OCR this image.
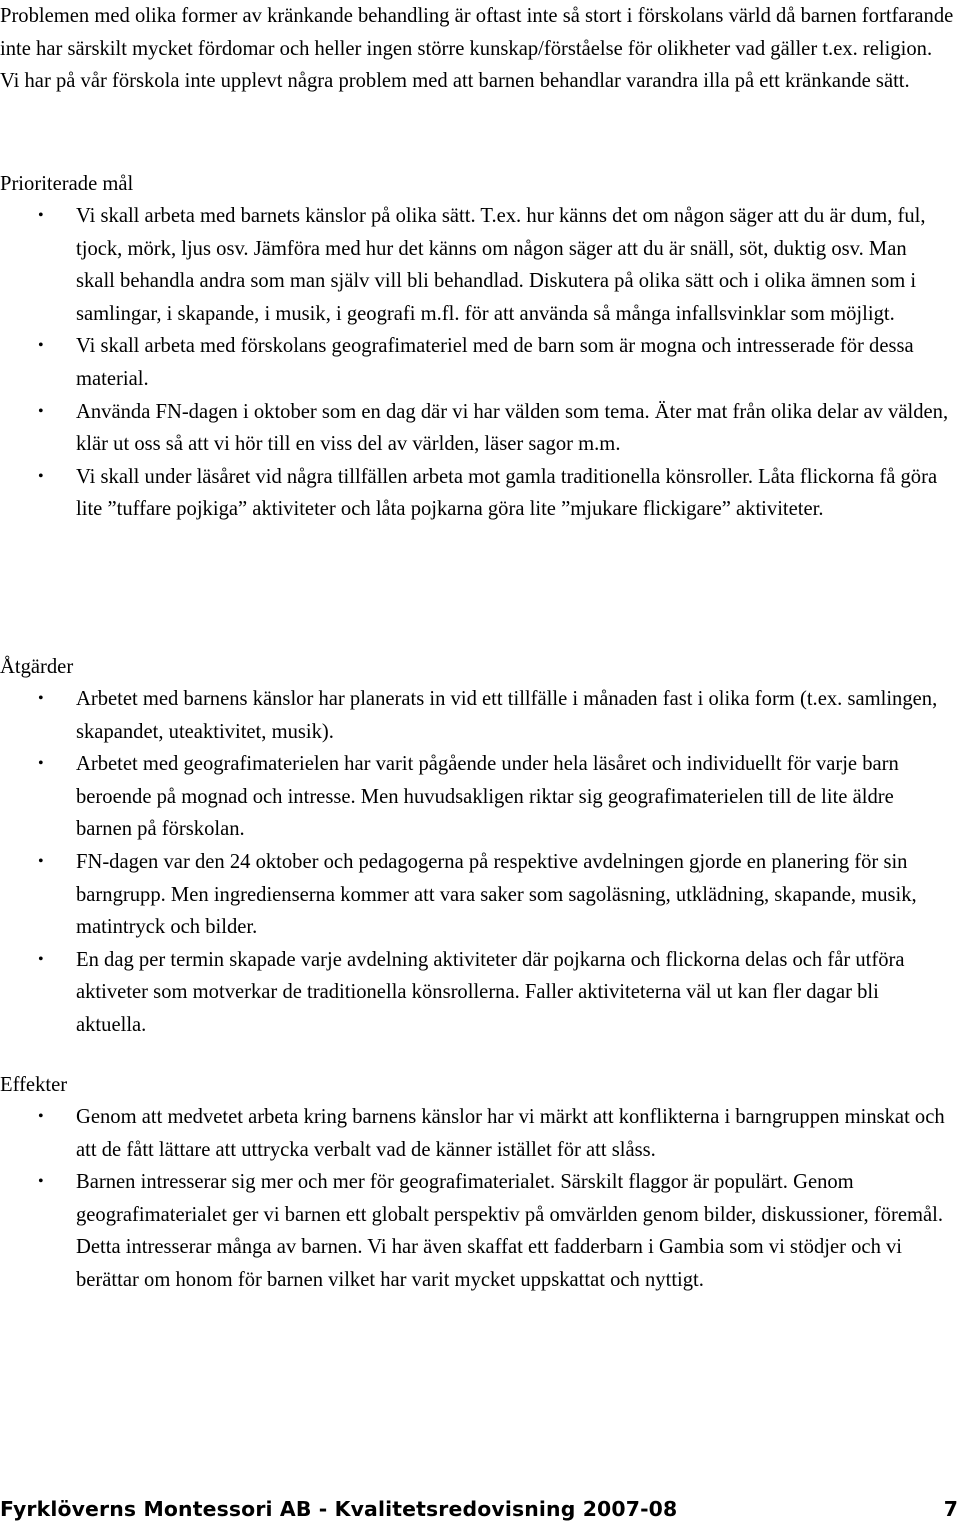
Problemen med olika former av kränkande behandling är oftast inte så stort i förskolans värld då barnen fortfarande inte har särskilt mycket fördomar och heller ingen större kunskap/förståelse för olikheter vad gäller t.ex. religion. Vi har på vår förskola inte upplevt några problem med att barnen behandlar varandra illa på ett kränkande sätt.

Prioriterade mål

• Vi skall arbeta med barnets känslor på olika sätt. T.ex. hur känns det om någon säger att du är dum, ful, tjock, mörk, ljus osv. Jämföra med hur det känns om någon säger att du är snäll, söt, duktig osv. Man skall behandla andra som man själv vill bli behandlad. Diskutera på olika sätt och i olika ämnen som i samlingar, i skapande, i musik, i geografi m.fl. för att använda så många infallsvinklar som möjligt.
• Vi skall arbeta med förskolans geografimateriel med de barn som är mogna och intresserade för dessa material.
• Använda FN-dagen i oktober som en dag där vi har välden som tema. Äter mat från olika delar av välden, klär ut oss så att vi hör till en viss del av världen, läser sagor m.m.
• Vi skall under läsåret vid några tillfällen arbeta mot gamla traditionella könsroller. Låta flickorna få göra lite ”tuffare pojkiga” aktiviteter och låta pojkarna göra lite ”mjukare flickigare” aktiviteter.

Åtgärder

• Arbetet med barnens känslor har planerats in vid ett tillfälle i månaden fast i olika form (t.ex. samlingen, skapandet, uteaktivitet, musik).
• Arbetet med geografimaterielen har varit pågående under hela läsåret och individuellt för varje barn beroende på mognad och intresse. Men huvudsakligen riktar sig geografimaterielen till de lite äldre barnen på förskolan.
• FN-dagen var den 24 oktober och pedagogerna på respektive avdelningen gjorde en planering för sin barngrupp. Men ingredienserna kommer att vara saker som sagoläsning, utklädning, skapande, musik, matintryck och bilder.
• En dag per termin skapade varje avdelning aktiviteter där pojkarna och flickorna delas och får utföra aktiveter som motverkar de traditionella könsrollerna. Faller aktiviteterna väl ut kan fler dagar bli aktuella.

Effekter

• Genom att medvetet arbeta kring barnens känslor har vi märkt att konflikterna i barngruppen minskat och att de fått lättare att uttrycka verbalt vad de känner istället för att slåss.
• Barnen intresserar sig mer och mer för geografimaterialet. Särskilt flaggor är populärt. Genom geografimaterialet ger vi barnen ett globalt perspektiv på omvärlden genom bilder, diskussioner, föremål. Detta intresserar många av barnen. Vi har även skaffat ett fadderbarn i Gambia som vi stödjer och vi berättar om honom för barnen vilket har varit mycket uppskattat och nyttigt.
Fyrklöverns Montessori AB - Kvalitetsredovisning 2007-08	7
